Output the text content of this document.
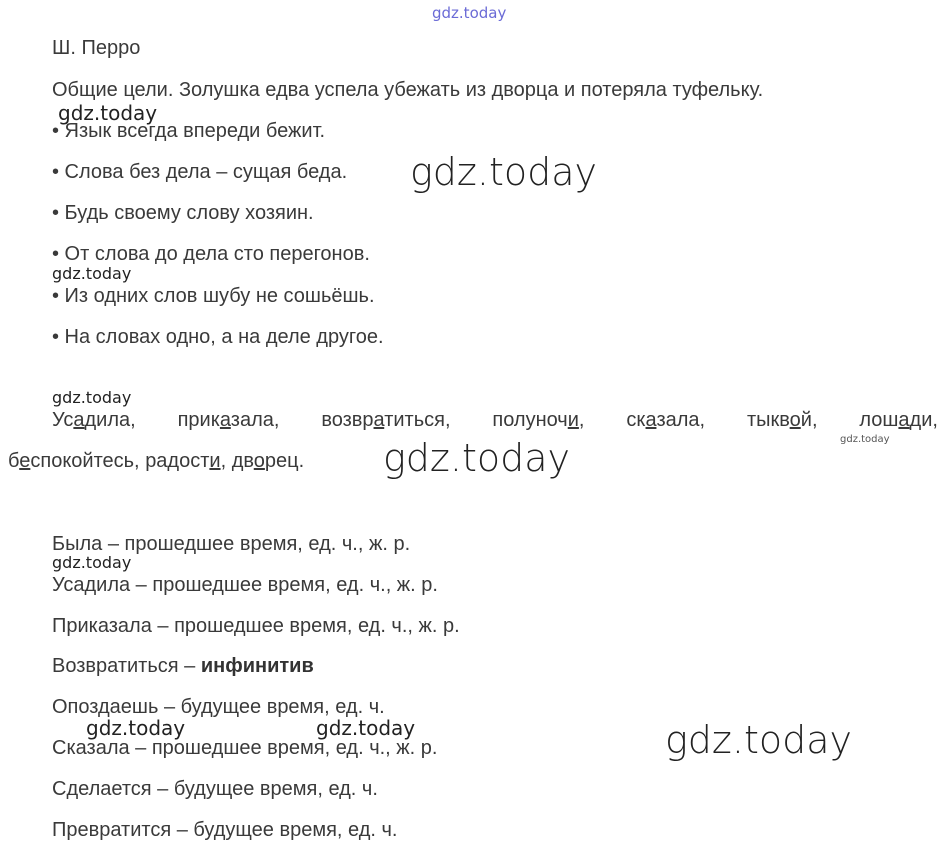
gdz.today
gdz.today
gdz.today
gdz.today
gdz.today
gdz.today
gdz.today
gdz.today
gdz.today	gdz.today	gdz.today
Ш. Перро
Общие цели. Золушка едва успела убежать из дворца и потеряла туфельку.
• Язык всегда впереди бежит.
• Слова без дела – сущая беда.
• Будь своему слову хозяин.
• От слова до дела сто перегонов.
• Из одних слов шубу не сошьёшь.
• На словах одно, а на деле другое.
Усадила, приказала, возвратиться, полуночи, сказала, тыквой, лошади,
беспокойтесь, радости, дворец.
Была – прошедшее время, ед. ч., ж. р.
Усадила – прошедшее время, ед. ч., ж. р.
Приказала – прошедшее время, ед. ч., ж. р.
Возвратиться – инфинитив
Опоздаешь – будущее время, ед. ч.
Сказала – прошедшее время, ед. ч., ж. р.
Сделается – будущее время, ед. ч.
Превратится – будущее время, ед. ч.
gdz.today
